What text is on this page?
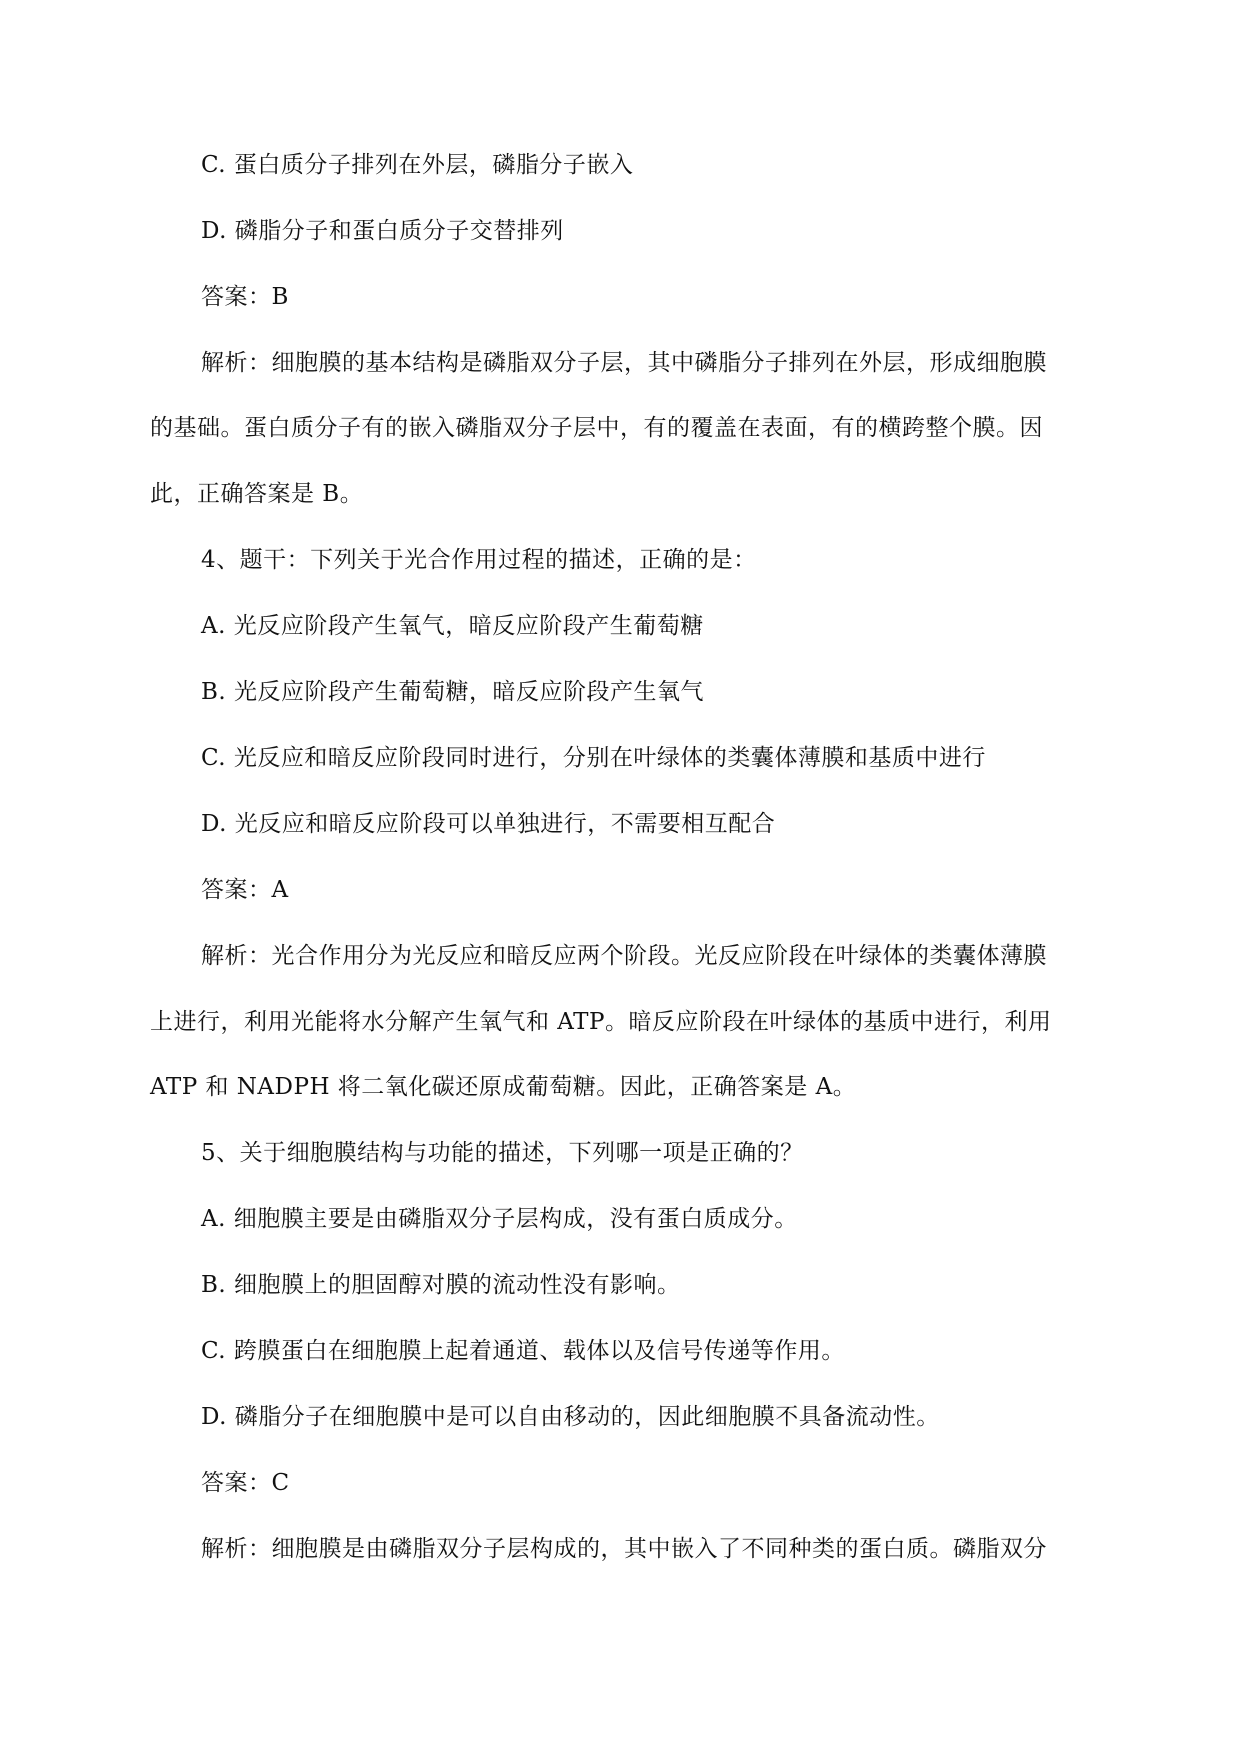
C. 蛋白质分子排列在外层，磷脂分子嵌入
D. 磷脂分子和蛋白质分子交替排列
答案：B
解析：细胞膜的基本结构是磷脂双分子层，其中磷脂分子排列在外层，形成细胞膜
的基础。蛋白质分子有的嵌入磷脂双分子层中，有的覆盖在表面，有的横跨整个膜。因
此，正确答案是 B。
4、题干：下列关于光合作用过程的描述，正确的是：
A. 光反应阶段产生氧气，暗反应阶段产生葡萄糖
B. 光反应阶段产生葡萄糖，暗反应阶段产生氧气
C. 光反应和暗反应阶段同时进行，分别在叶绿体的类囊体薄膜和基质中进行
D. 光反应和暗反应阶段可以单独进行，不需要相互配合
答案：A
解析：光合作用分为光反应和暗反应两个阶段。光反应阶段在叶绿体的类囊体薄膜
上进行，利用光能将水分解产生氧气和 ATP。暗反应阶段在叶绿体的基质中进行，利用
ATP 和 NADPH 将二氧化碳还原成葡萄糖。因此，正确答案是 A。
5、关于细胞膜结构与功能的描述，下列哪一项是正确的？
A. 细胞膜主要是由磷脂双分子层构成，没有蛋白质成分。
B. 细胞膜上的胆固醇对膜的流动性没有影响。
C. 跨膜蛋白在细胞膜上起着通道、载体以及信号传递等作用。
D. 磷脂分子在细胞膜中是可以自由移动的，因此细胞膜不具备流动性。
答案：C
解析：细胞膜是由磷脂双分子层构成的，其中嵌入了不同种类的蛋白质。磷脂双分
